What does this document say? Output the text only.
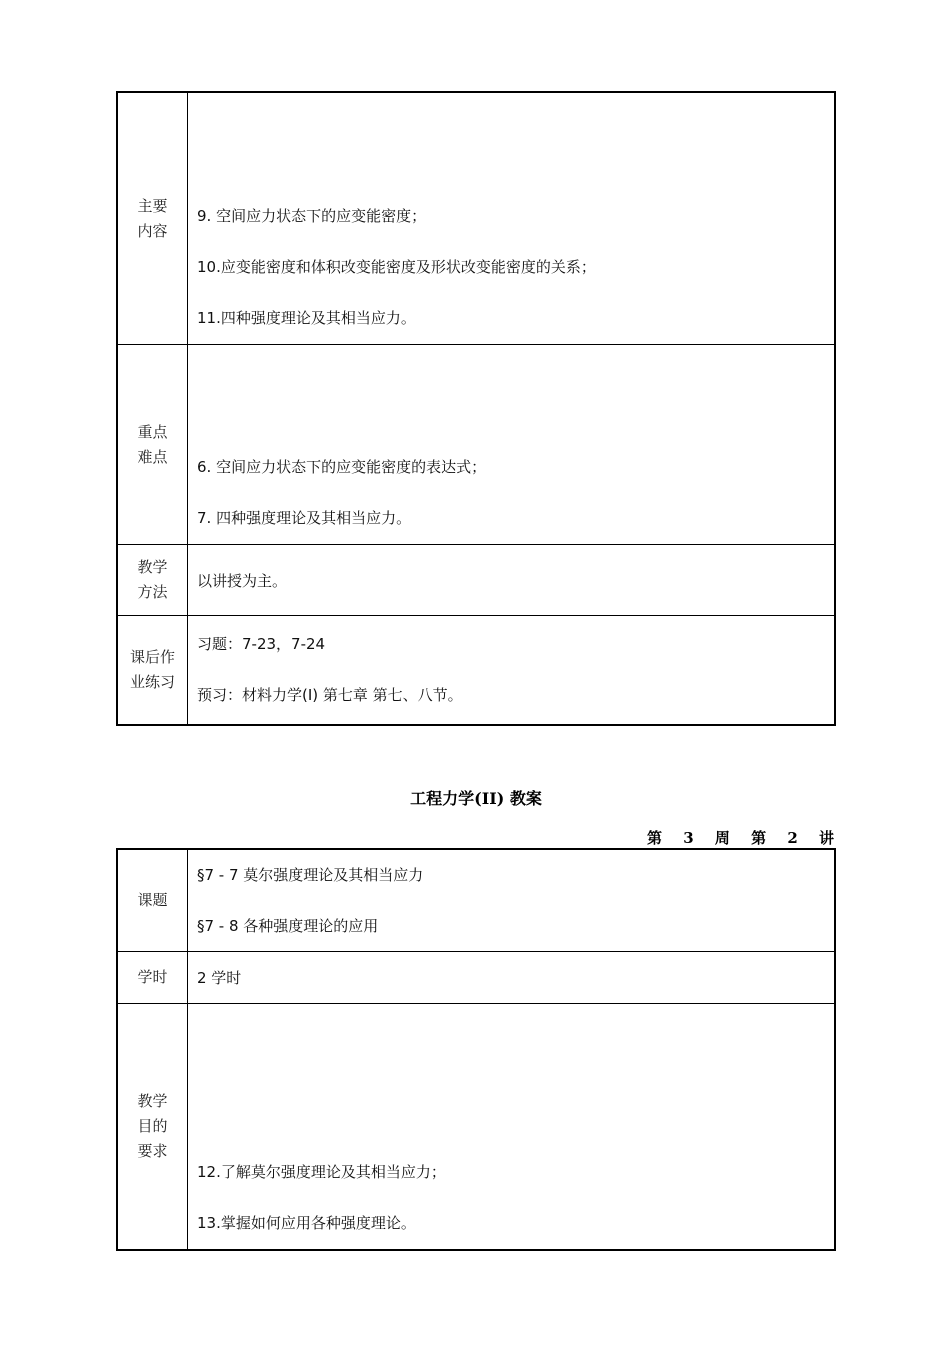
主要
内容
9. 空间应力状态下的应变能密度；
10.应变能密度和体积改变能密度及形状改变能密度的关系；
11.四种强度理论及其相当应力。
重点
难点
6. 空间应力状态下的应变能密度的表达式；
7. 四种强度理论及其相当应力。
教学
方法
以讲授为主。
课后作
业练习
习题：7-23，7-24
预习：材料力学(I) 第七章 第七、八节。
工程力学(II) 教案
第 3 周 第 2 讲
课题
§7 - 7 莫尔强度理论及其相当应力
§7 - 8 各种强度理论的应用
学时 2 学时
教学
目的
要求
12.了解莫尔强度理论及其相当应力；
13.掌握如何应用各种强度理论。
